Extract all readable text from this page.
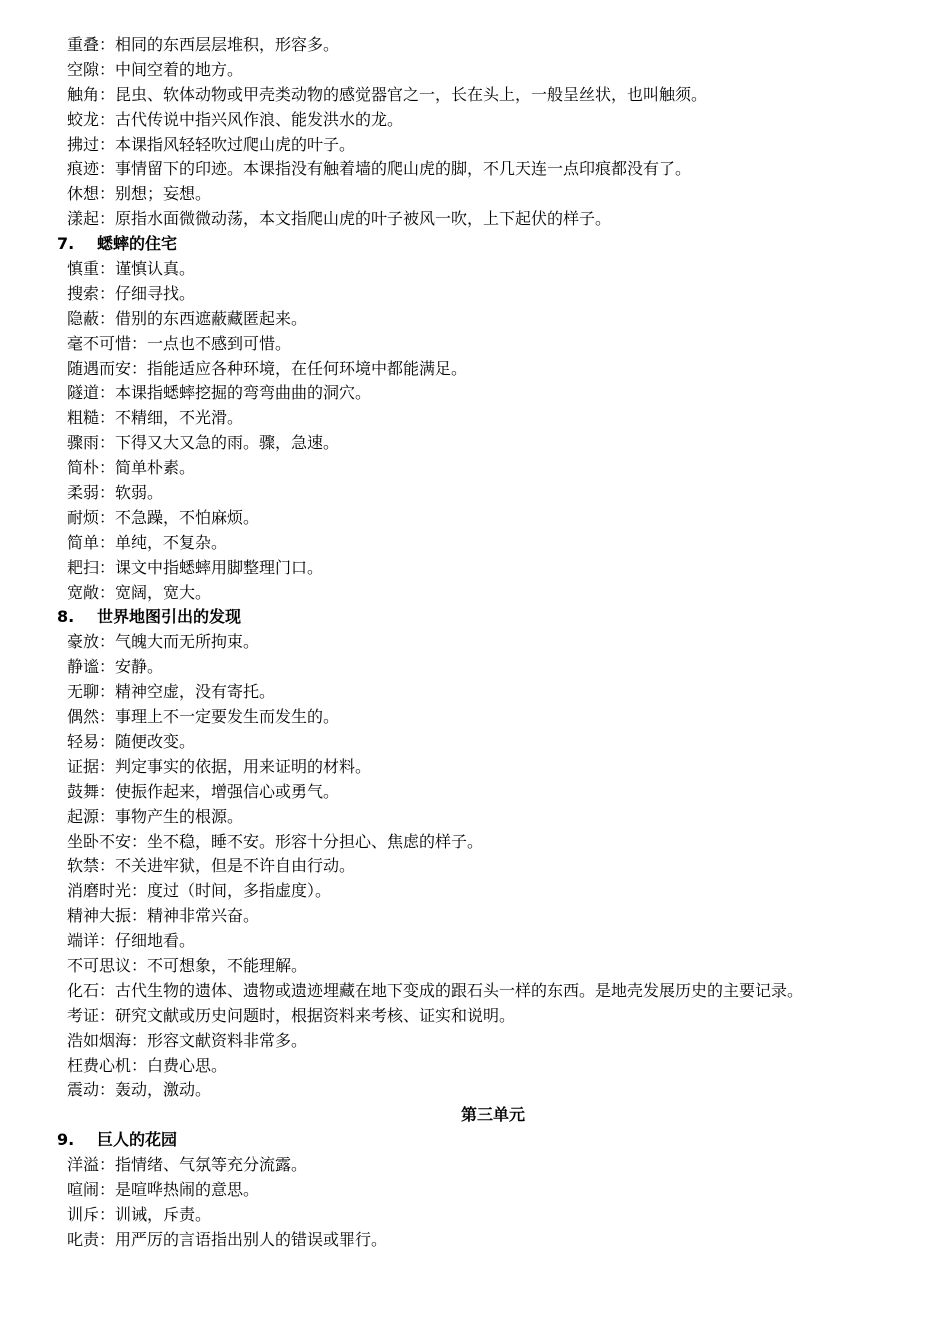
重叠：相同的东西层层堆积，形容多。
空隙：中间空着的地方。
触角：昆虫、软体动物或甲壳类动物的感觉器官之一，长在头上，一般呈丝状，也叫触须。
蛟龙：古代传说中指兴风作浪、能发洪水的龙。
拂过：本课指风轻轻吹过爬山虎的叶子。
痕迹：事情留下的印迹。本课指没有触着墙的爬山虎的脚，不几天连一点印痕都没有了。
休想：别想；妄想。
漾起：原指水面微微动荡，本文指爬山虎的叶子被风一吹，上下起伏的样子。
7. 蟋蟀的住宅
慎重：谨慎认真。
搜索：仔细寻找。
隐蔽：借别的东西遮蔽藏匿起来。
毫不可惜：一点也不感到可惜。
随遇而安：指能适应各种环境，在任何环境中都能满足。
隧道：本课指蟋蟀挖掘的弯弯曲曲的洞穴。
粗糙：不精细，不光滑。
骤雨：下得又大又急的雨。骤，急速。
简朴：简单朴素。
柔弱：软弱。
耐烦：不急躁，不怕麻烦。
简单：单纯，不复杂。
耙扫：课文中指蟋蟀用脚整理门口。
宽敞：宽阔，宽大。
8. 世界地图引出的发现
豪放：气魄大而无所拘束。
静谧：安静。
无聊：精神空虚，没有寄托。
偶然：事理上不一定要发生而发生的。
轻易：随便改变。
证据：判定事实的依据，用来证明的材料。
鼓舞：使振作起来，增强信心或勇气。
起源：事物产生的根源。
坐卧不安：坐不稳，睡不安。形容十分担心、焦虑的样子。
软禁：不关进牢狱，但是不许自由行动。
消磨时光：度过（时间，多指虚度）。
精神大振：精神非常兴奋。
端详：仔细地看。
不可思议：不可想象，不能理解。
化石：古代生物的遗体、遗物或遗迹埋藏在地下变成的跟石头一样的东西。是地壳发展历史的主要记录。
考证：研究文献或历史问题时，根据资料来考核、证实和说明。
浩如烟海：形容文献资料非常多。
枉费心机：白费心思。
震动：轰动，激动。
第三单元
9. 巨人的花园
洋溢：指情绪、气氛等充分流露。
喧闹：是喧哗热闹的意思。
训斥：训诫，斥责。
叱责：用严厉的言语指出别人的错误或罪行。
